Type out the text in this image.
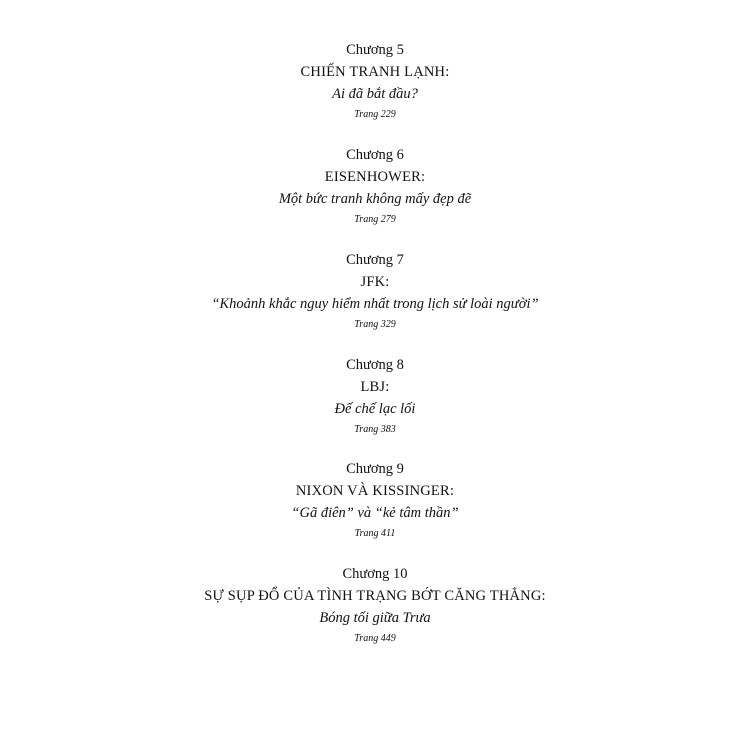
Chương 5
CHIẾN TRANH LẠNH:
Ai đã bắt đầu?
Trang 229
Chương 6
EISENHOWER:
Một bức tranh không mấy đẹp đẽ
Trang 279
Chương 7
JFK:
“Khoảnh khắc nguy hiểm nhất trong lịch sử loài người”
Trang 329
Chương 8
LBJ:
Đế chế lạc lối
Trang 383
Chương 9
NIXON VÀ KISSINGER:
“Gã điên” và “kẻ tâm thần”
Trang 411
Chương 10
SỰ SỤP ĐỔ CỦA TÌNH TRẠNG BỚT CĂNG THẲNG:
Bóng tối giữa Trưa
Trang 449
